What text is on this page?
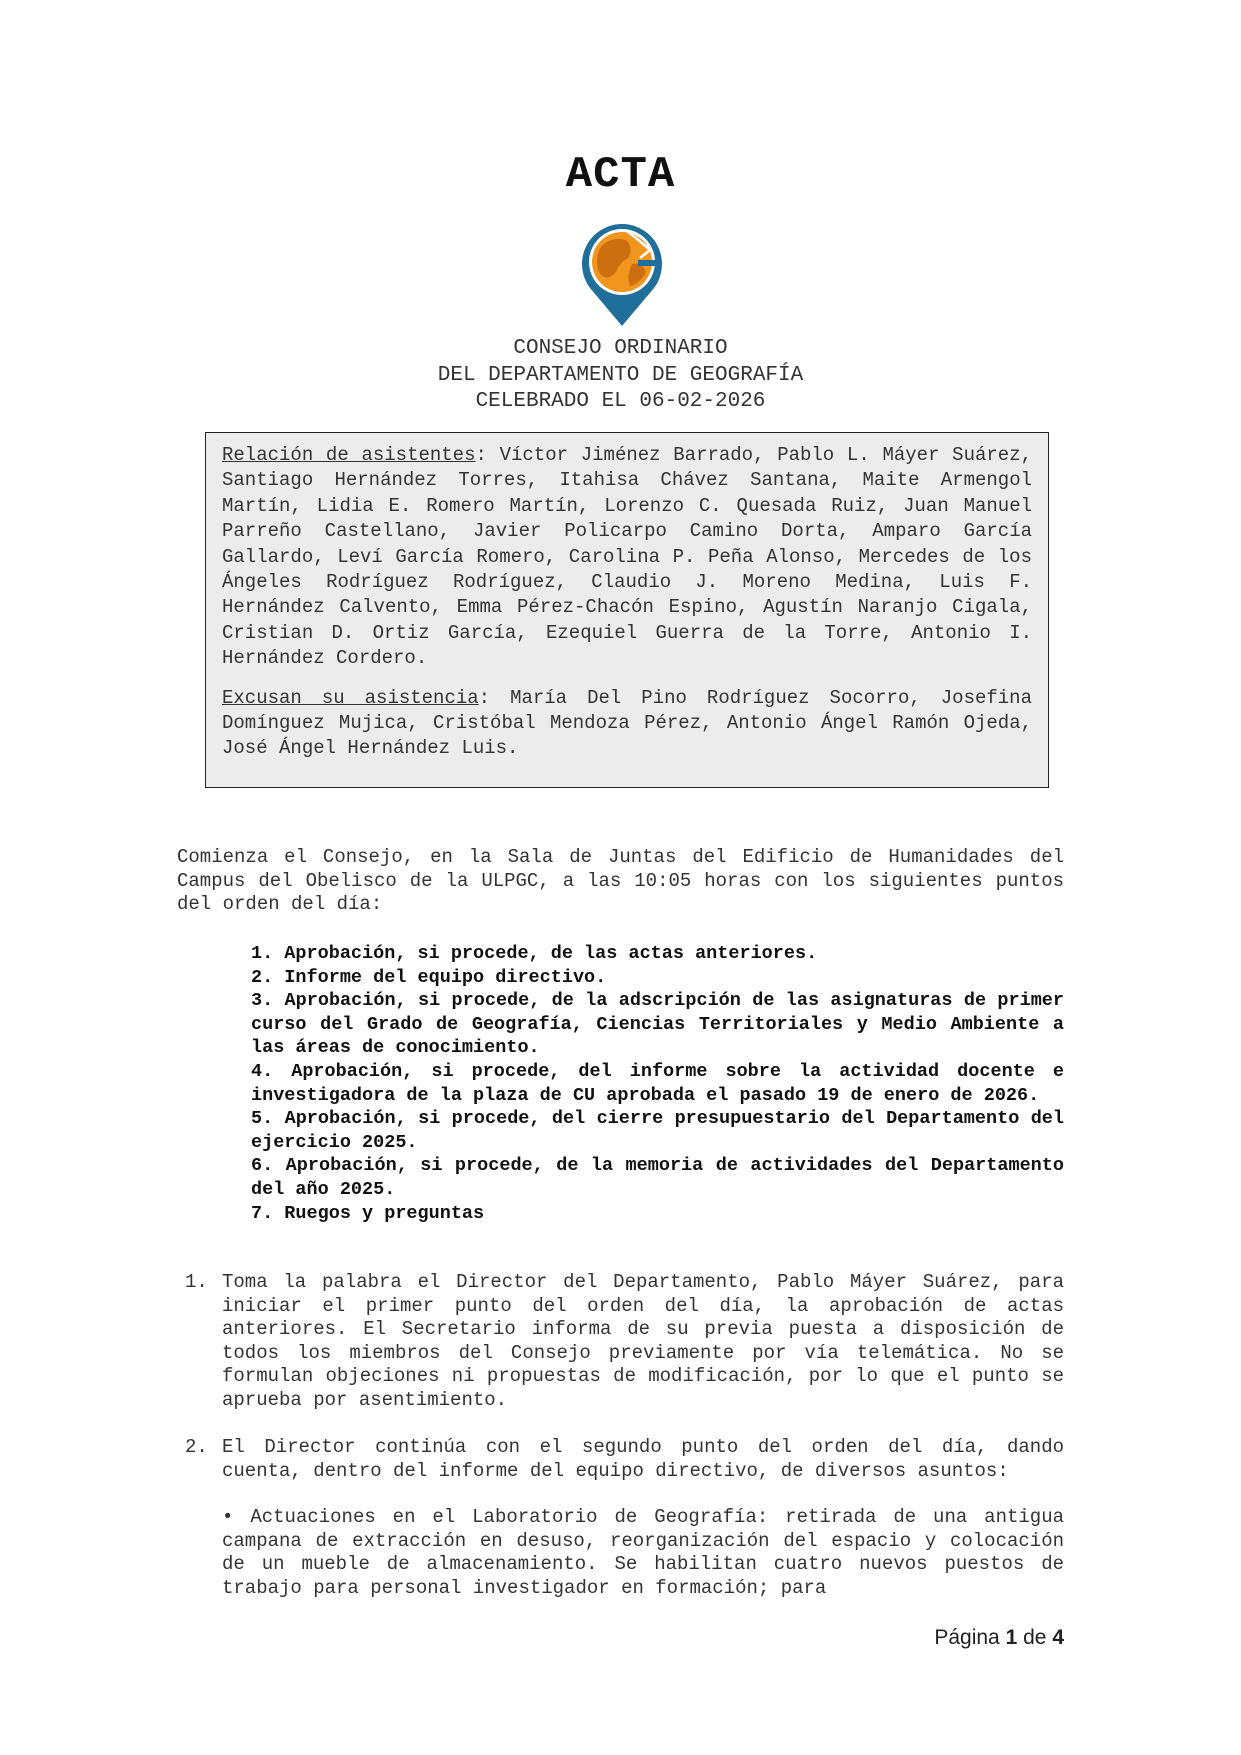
ACTA
CONSEJO ORDINARIO
DEL DEPARTAMENTO DE GEOGRAFÍA
CELEBRADO EL 06-02-2026

Relación de asistentes: Víctor Jiménez Barrado, Pablo L. Máyer Suárez, Santiago Hernández Torres, Itahisa Chávez Santana, Maite Armengol Martín, Lidia E. Romero Martín, Lorenzo C. Quesada Ruiz, Juan Manuel Parreño Castellano, Javier Policarpo Camino Dorta, Amparo García Gallardo, Leví García Romero, Carolina P. Peña Alonso, Mercedes de los Ángeles Rodríguez Rodríguez, Claudio J. Moreno Medina, Luis F. Hernández Calvento, Emma Pérez-Chacón Espino, Agustín Naranjo Cigala, Cristian D. Ortiz García, Ezequiel Guerra de la Torre, Antonio I. Hernández Cordero.

Excusan su asistencia: María Del Pino Rodríguez Socorro, Josefina Domínguez Mujica, Cristóbal Mendoza Pérez, Antonio Ángel Ramón Ojeda, José Ángel Hernández Luis.

Comienza el Consejo, en la Sala de Juntas del Edificio de Humanidades del Campus del Obelisco de la ULPGC, a las 10:05 horas con los siguientes puntos del orden del día:

1. Aprobación, si procede, de las actas anteriores.
2. Informe del equipo directivo.
3. Aprobación, si procede, de la adscripción de las asignaturas de primer curso del Grado de Geografía, Ciencias Territoriales y Medio Ambiente a las áreas de conocimiento.
4. Aprobación, si procede, del informe sobre la actividad docente e investigadora de la plaza de CU aprobada el pasado 19 de enero de 2026.
5. Aprobación, si procede, del cierre presupuestario del Departamento del ejercicio 2025.
6. Aprobación, si procede, de la memoria de actividades del Departamento del año 2025.
7. Ruegos y preguntas
1. Toma la palabra el Director del Departamento, Pablo Máyer Suárez, para iniciar el primer punto del orden del día, la aprobación de actas anteriores. El Secretario informa de su previa puesta a disposición de todos los miembros del Consejo previamente por vía telemática. No se formulan objeciones ni propuestas de modificación, por lo que el punto se aprueba por asentimiento.
2. El Director continúa con el segundo punto del orden del día, dando cuenta, dentro del informe del equipo directivo, de diversos asuntos:
• Actuaciones en el Laboratorio de Geografía: retirada de una antigua campana de extracción en desuso, reorganización del espacio y colocación de un mueble de almacenamiento. Se habilitan cuatro nuevos puestos de trabajo para personal investigador en formación; para
Página 1 de 4
